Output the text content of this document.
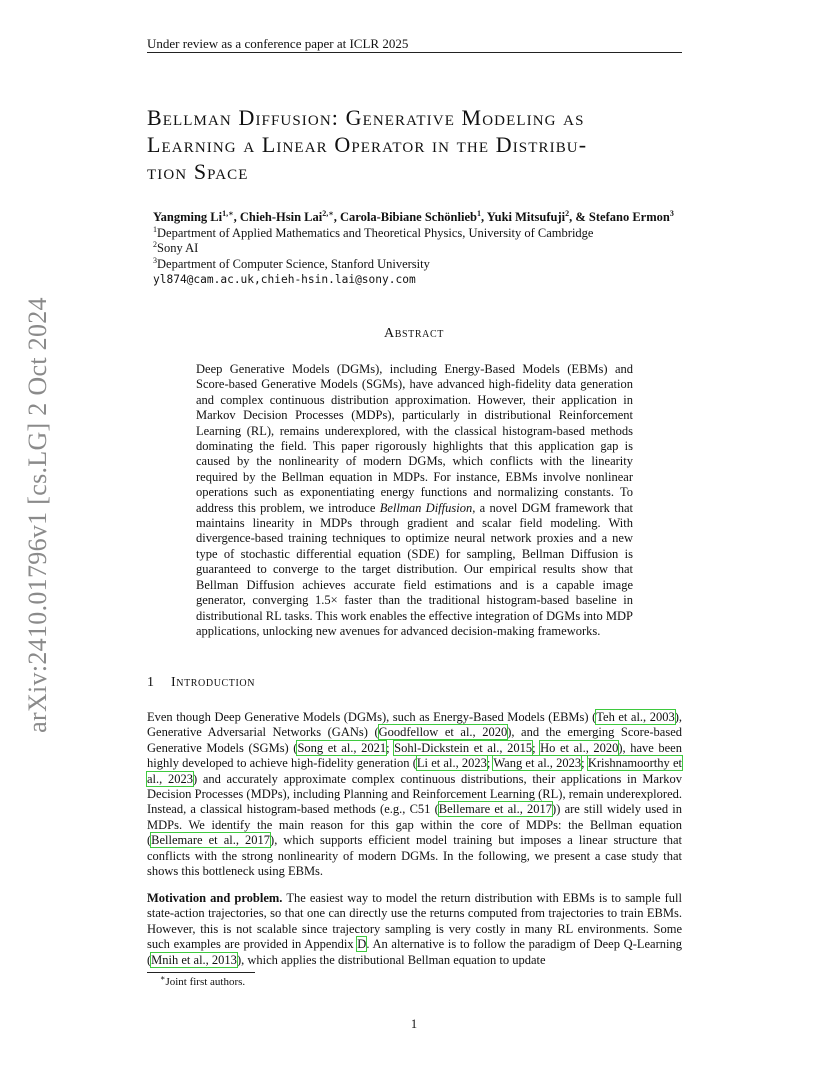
arXiv:2410.01796v1 [cs.LG] 2 Oct 2024
Under review as a conference paper at ICLR 2025
Bellman Diffusion: Generative Modeling as
Learning a Linear Operator in the Distribu-
tion Space
Yangming $Li^{1,∗}$, Chieh-Hsin Lai$^{2,∗}$, Carola-Bibiane Schönlieb$^1$, Yuki Mitsufuji$^2$, & Stefano Ermon$^3$
$^1$Department of Applied Mathematics and Theoretical Physics, University of Cambridge
$^2$Sony AI
$^3$Department of Computer Science, Stanford University
yl874@cam.ac.uk,chieh-hsin.lai@sony.com
Abstract
Deep Generative Models (DGMs), including Energy-Based Models (EBMs) and Score-based Generative Models (SGMs), have advanced high-fidelity data generation and complex continuous distribution approximation. However, their application in Markov Decision Processes (MDPs), particularly in distributional Reinforcement Learning (RL), remains underexplored, with the classical histogram-based methods dominating the field. This paper rigorously highlights that this application gap is caused by the nonlinearity of modern DGMs, which conflicts with the linearity required by the Bellman equation in MDPs. For instance, EBMs involve nonlinear operations such as exponentiating energy functions and normalizing constants. To address this problem, we introduce Bellman Diffusion, a novel DGM framework that maintains linearity in MDPs through gradient and scalar field modeling. With divergence-based training techniques to optimize neural network proxies and a new type of stochastic differential equation (SDE) for sampling, Bellman Diffusion is guaranteed to converge to the target distribution. Our empirical results show that Bellman Diffusion achieves accurate field estimations and is a capable image generator, converging 1.5× faster than the traditional histogram-based baseline in distributional RL tasks. This work enables the effective integration of DGMs into MDP applications, unlocking new avenues for advanced decision-making frameworks.
1 Introduction
Even though Deep Generative Models (DGMs), such as Energy-Based Models (EBMs) (Teh et al., 2003), Generative Adversarial Networks (GANs) (Goodfellow et al., 2020), and the emerging Score-based Generative Models (SGMs) (Song et al., 2021; Sohl-Dickstein et al., 2015; Ho et al., 2020), have been highly developed to achieve high-fidelity generation (Li et al., 2023; Wang et al., 2023; Krishnamoorthy et al., 2023) and accurately approximate complex continuous distributions, their applications in Markov Decision Processes (MDPs), including Planning and Reinforcement Learning (RL), remain underexplored. Instead, a classical histogram-based methods (e.g., C51 (Bellemare et al., 2017)) are still widely used in MDPs. We identify the main reason for this gap within the core of MDPs: the Bellman equation (Bellemare et al., 2017), which supports efficient model training but imposes a linear structure that conflicts with the strong nonlinearity of modern DGMs. In the following, we present a case study that shows this bottleneck using EBMs.
Motivation and problem. The easiest way to model the return distribution with EBMs is to sample full state-action trajectories, so that one can directly use the returns computed from trajectories to train EBMs. However, this is not scalable since trajectory sampling is very costly in many RL environments. Some such examples are provided in Appendix D. An alternative is to follow the paradigm of Deep Q-Learning (Mnih et al., 2013), which applies the distributional Bellman equation to update
∗Joint first authors.
1
